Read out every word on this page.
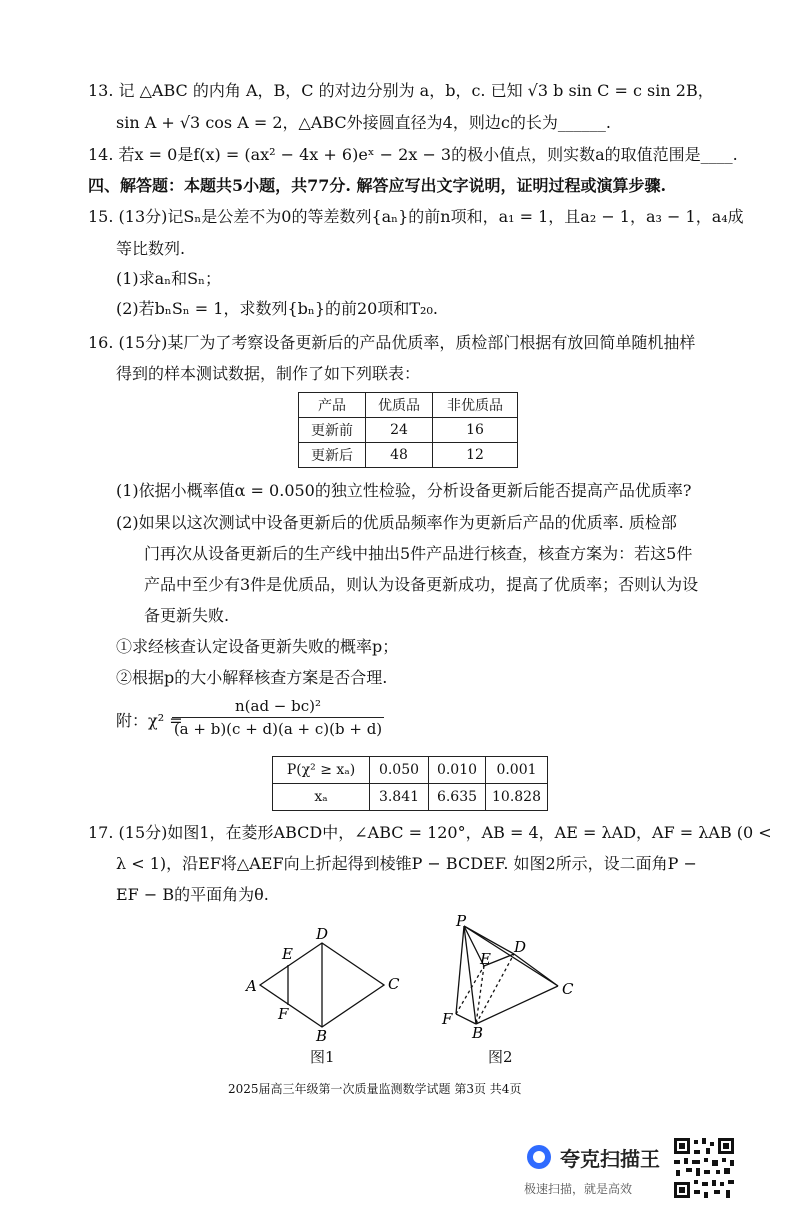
13. 记 △ABC 的内角 A，B，C 的对边分别为 a，b，c. 已知 √3 b sin C = c sin 2B，
sin A + √3 cos A = 2，△ABC外接圆直径为4，则边c的长为______.
14. 若x = 0是f(x) = (ax² − 4x + 6)eˣ − 2x − 3的极小值点，则实数a的取值范围是____.
四、解答题：本题共5小题，共77分. 解答应写出文字说明，证明过程或演算步骤.
15. (13分)记Sₙ是公差不为0的等差数列{aₙ}的前n项和，a₁ = 1，且a₂ − 1，a₃ − 1，a₄成
等比数列.
(1)求aₙ和Sₙ；
(2)若bₙSₙ = 1，求数列{bₙ}的前20项和T₂₀.
16. (15分)某厂为了考察设备更新后的产品优质率，质检部门根据有放回简单随机抽样
得到的样本测试数据，制作了如下列联表：
产品	优质品	非优质品
更新前	24	16
更新后	48	12
(1)依据小概率值α = 0.050的独立性检验，分析设备更新后能否提高产品优质率?
(2)如果以这次测试中设备更新后的优质品频率作为更新后产品的优质率. 质检部
门再次从设备更新后的生产线中抽出5件产品进行核查，核查方案为：若这5件
产品中至少有3件是优质品，则认为设备更新成功，提高了优质率；否则认为设
备更新失败.
①求经核查认定设备更新失败的概率p；
②根据p的大小解释核查方案是否合理.
附：χ² =
n(ad − bc)²
(a + b)(c + d)(a + c)(b + d)
P(χ² ≥ xₐ)	0.050	0.010	0.001
xₐ	3.841	6.635	10.828
17. (15分)如图1，在菱形ABCD中，∠ABC = 120°，AB = 4，AE = λAD，AF = λAB (0 <
λ < 1)，沿EF将△AEF向上折起得到棱锥P − BCDEF. 如图2所示，设二面角P −
EF − B的平面角为θ.
A
B
C
D
E
F
图1
P
B
C
D
E
F
图2
2025届高三年级第一次质量监测数学试题 第3页 共4页
夸克扫描王
极速扫描，就是高效
